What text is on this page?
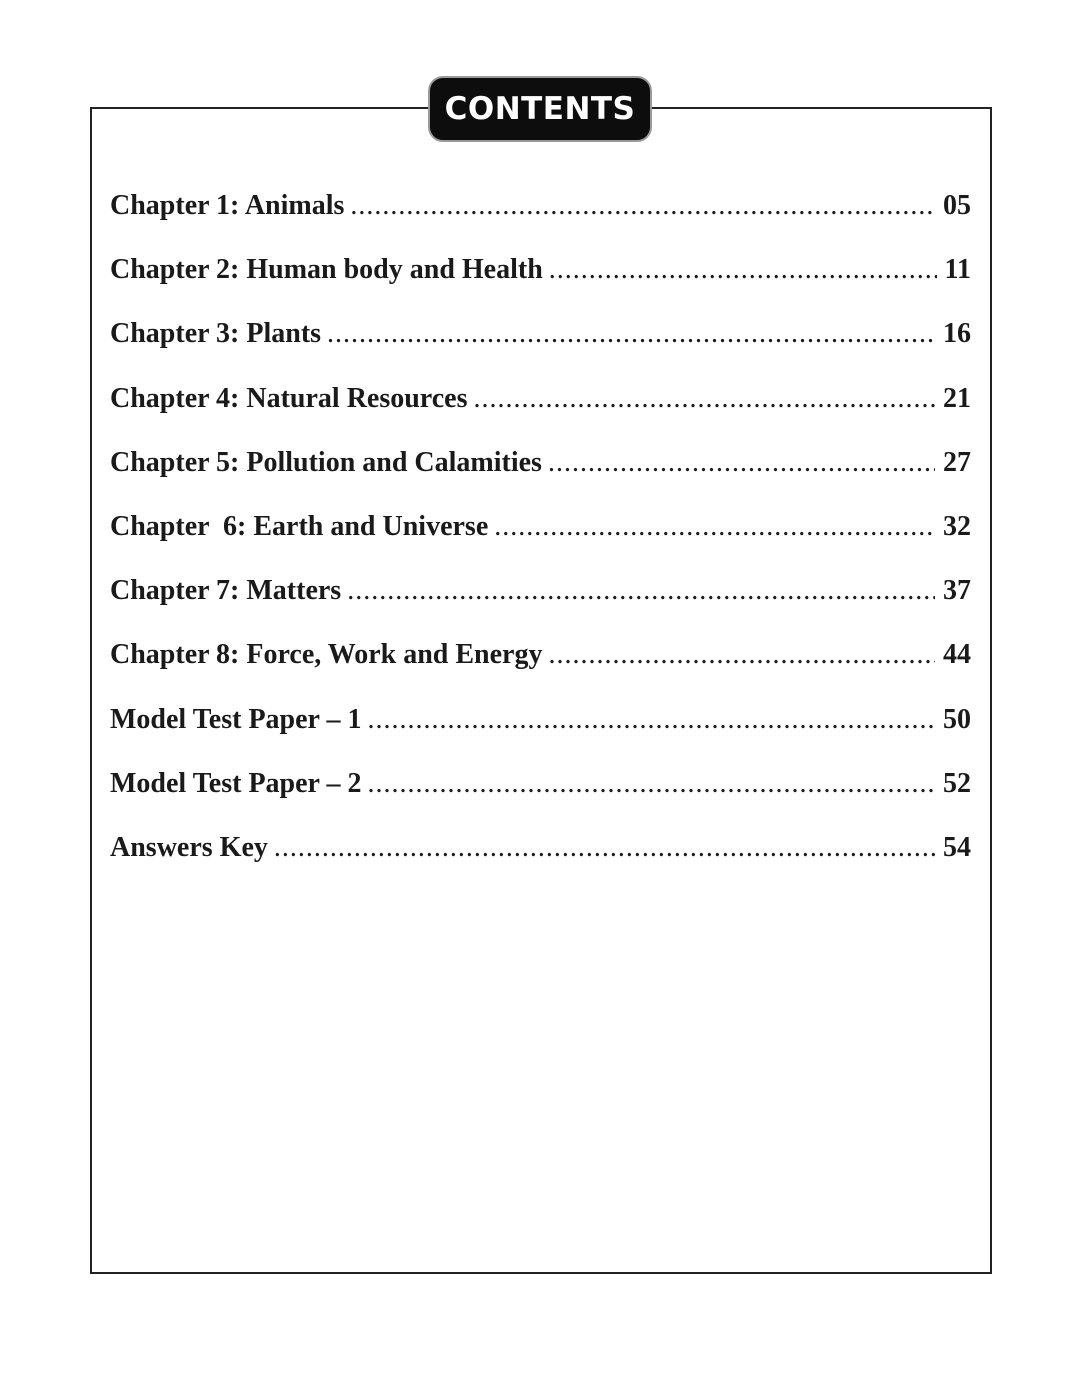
CONTENTS
Chapter 1: Animals .....	05
Chapter 2: Human body and Health .....	11
Chapter 3: Plants .....	16
Chapter 4: Natural Resources .....	21
Chapter 5: Pollution and Calamities .....	27
Chapter  6: Earth and Universe .....	32
Chapter 7: Matters .....	37
Chapter 8: Force, Work and Energy .....	44
Model Test Paper – 1 .....	50
Model Test Paper – 2 .....	52
Answers Key .....	54
